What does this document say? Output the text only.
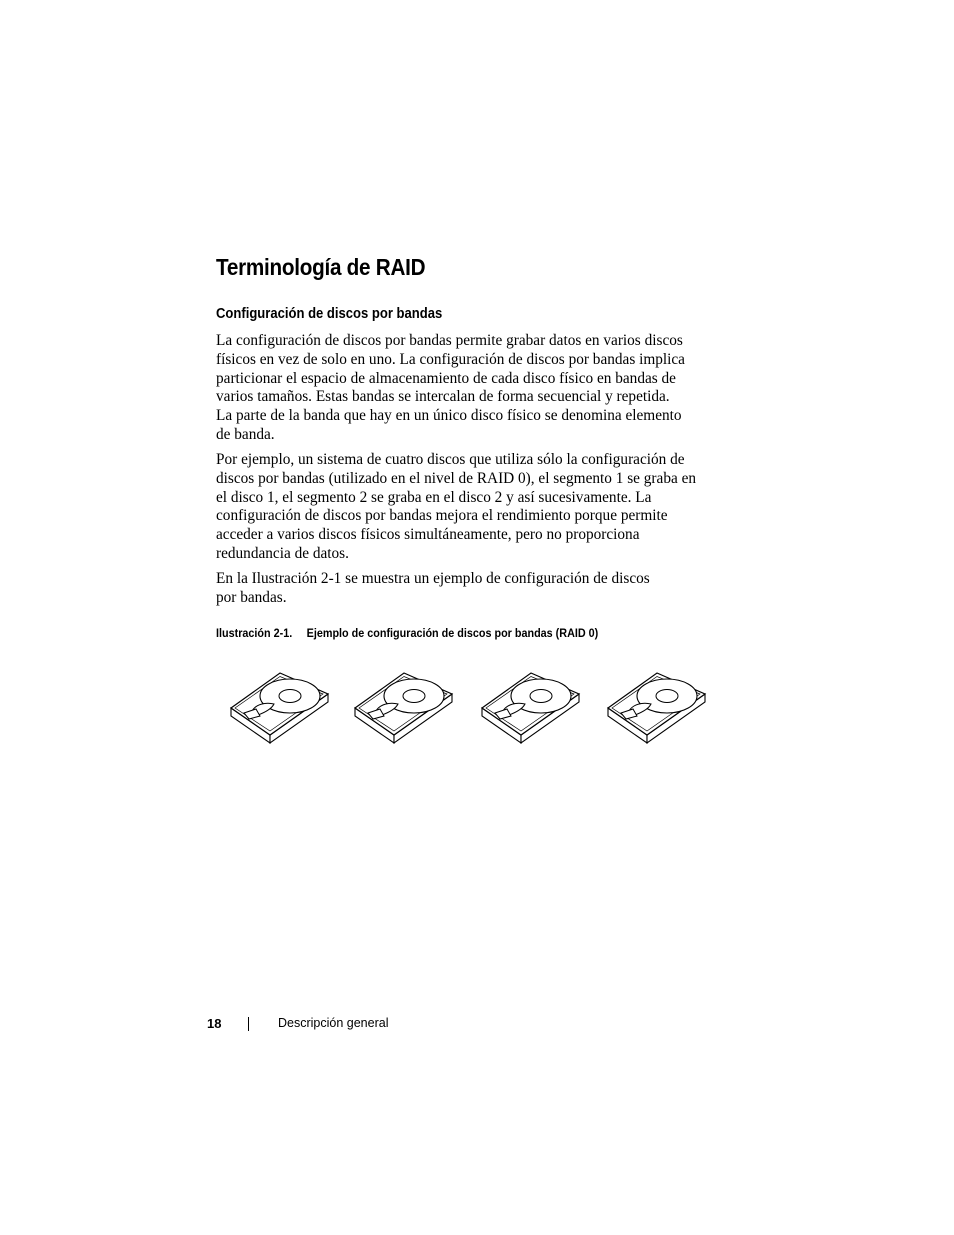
Terminología de RAID
Configuración de discos por bandas
La configuración de discos por bandas permite grabar datos en varios discos
físicos en vez de solo en uno. La configuración de discos por bandas implica
particionar el espacio de almacenamiento de cada disco físico en bandas de
varios tamaños. Estas bandas se intercalan de forma secuencial y repetida.
La parte de la banda que hay en un único disco físico se denomina elemento
de banda.
Por ejemplo, un sistema de cuatro discos que utiliza sólo la configuración de
discos por bandas (utilizado en el nivel de RAID 0), el segmento 1 se graba en
el disco 1, el segmento 2 se graba en el disco 2 y así sucesivamente. La
configuración de discos por bandas mejora el rendimiento porque permite
acceder a varios discos físicos simultáneamente, pero no proporciona
redundancia de datos.
En la Ilustración 2-1 se muestra un ejemplo de configuración de discos
por bandas.
Ilustración 2-1. Ejemplo de configuración de discos por bandas (RAID 0)
18	Descripción general
